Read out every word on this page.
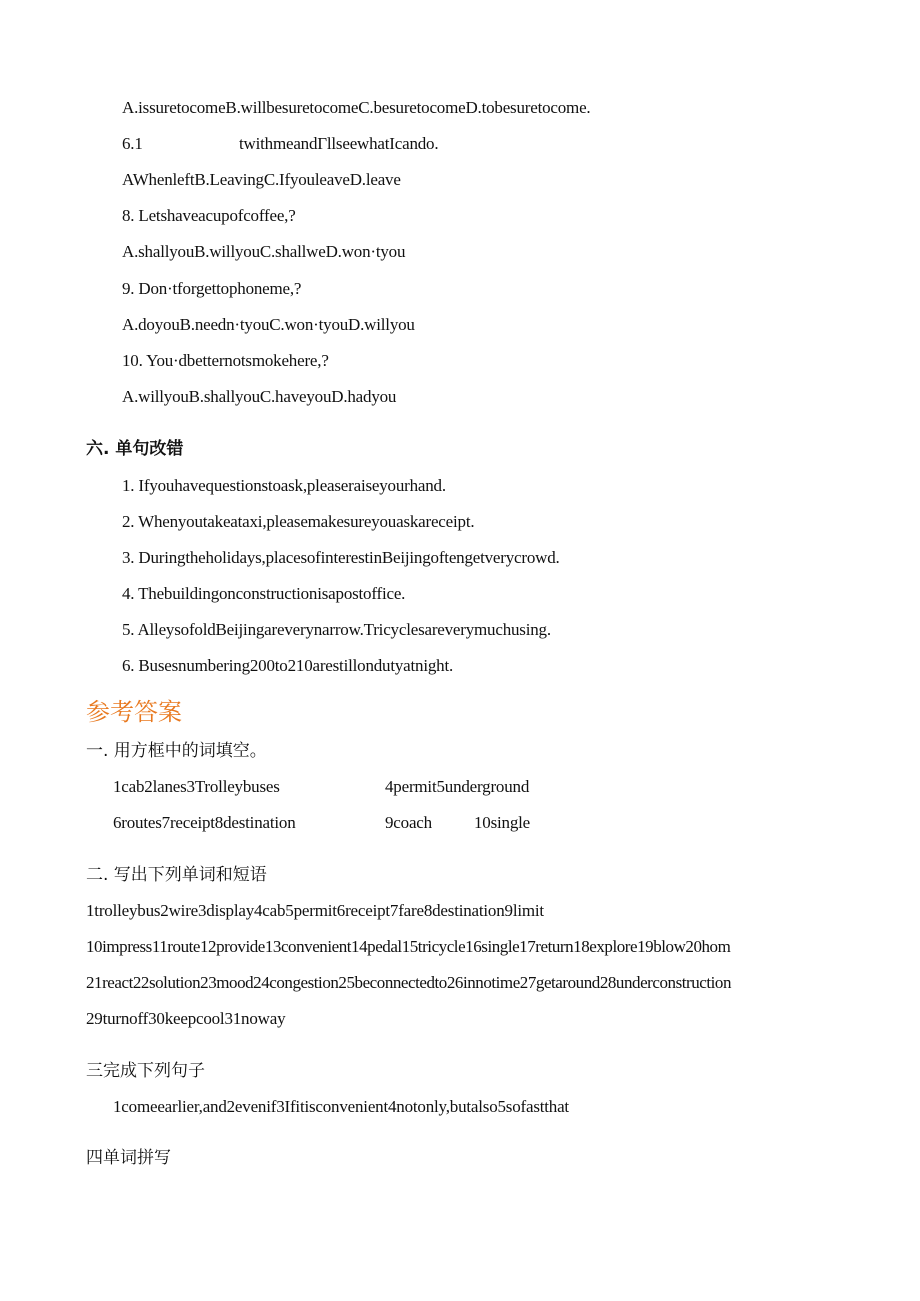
A.issuretocomeB.willbesuretocomeC.besuretocomeD.tobesuretocome.
6.1	twithmeandΓllseewhatIcando.
AWhenleftB.LeavingC.IfyouleaveD.leave
8. Letshaveacupofcoffee,?
A.shallyouB.willyouC.shallweD.won·tyou
9. Don·tforgettophoneme,?
A.doyouB.needn·tyouC.won·tyouD.willyou
10. You·dbetternotsmokehere,?
A.willyouB.shallyouC.haveyouD.hadyou
六. 单句改错
1. Ifyouhavequestionstoask,pleaseraiseyourhand.
2. Whenyoutakeataxi,pleasemakesureyouaskareceipt.
3. Duringtheholidays,placesofinterestinBeijingoftengetverycrowd.
4. Thebuildingonconstructionisapostoffice.
5. AlleysofoldBeijingareverynarrow.Tricyclesareverymuchusing.
6. Busesnumbering200to210arestillondutyatnight.
参考答案
一. 用方框中的词填空。
1cab2lanes3Trolleybuses	4permit5underground
6routes7receipt8destination	9coach 10single
二. 写出下列单词和短语
1trolleybus2wire3display4cab5permit6receipt7fare8destination9limit
10impress11route12provide13convenient14pedal15tricycle16single17return18explore19blow20hom
21react22solution23mood24congestion25beconnectedto26innotime27getaround28underconstruction
29turnoff30keepcool31noway
三完成下列句子
1comeearlier,and2evenif3Ifitisconvenient4notonly,butalso5sofastthat
四单词拼写
